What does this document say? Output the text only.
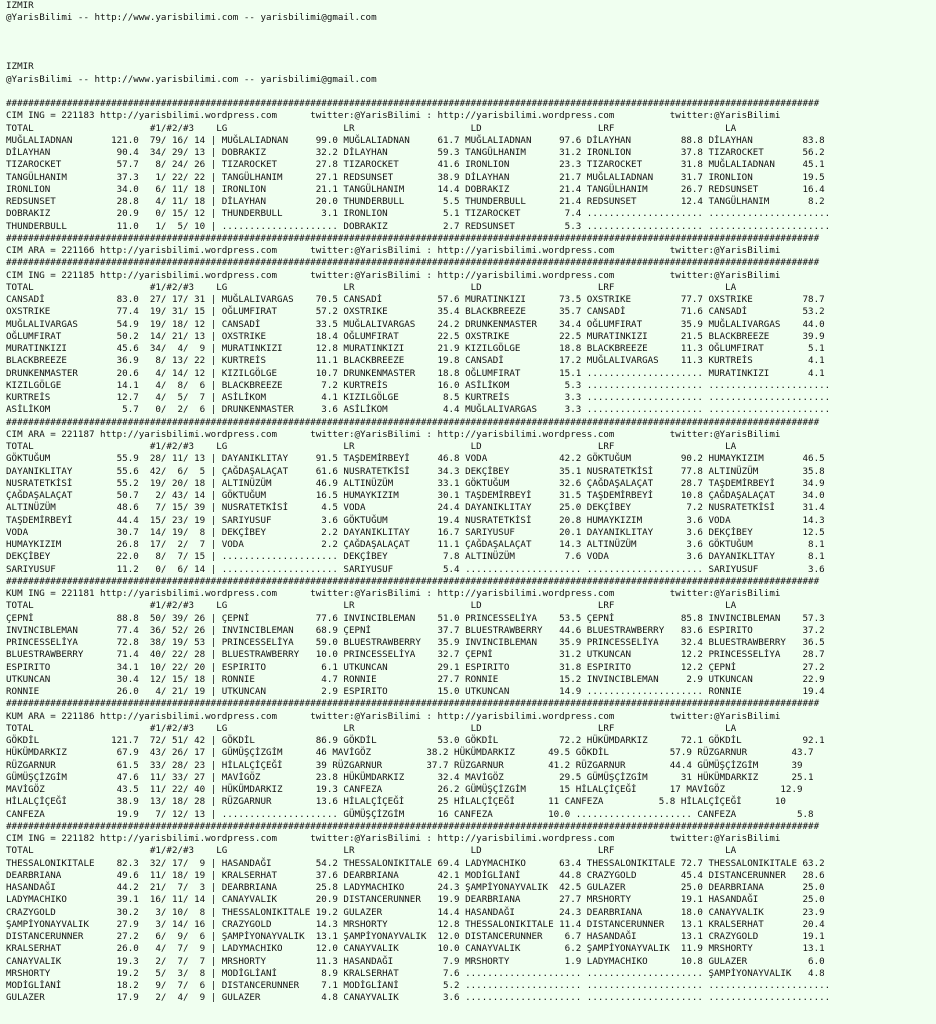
IZMIR
@YarisBilimi -- http://www.yarisbilimi.com -- yarisbilimi@gmail.com

IZMIR
@YarisBilimi -- http://www.yarisbilimi.com -- yarisbilimi@gmail.com

###################################################################################################################################################
CIM ING = 221183 http://yarisbilimi.wordpress.com      twitter:@YarisBilimi : http://yarisbilimi.wordpress.com          twitter:@YarisBilimi
TOTAL                     #1/#2/#3    LG                     LR                     LD                     LRF                    LA
MUĞLALIADNAN       121.0  79/ 16/ 14 | MUĞLALIADNAN     99.0 MUĞLALIADNAN     61.7 MUĞLALIADNAN     97.6 DİLAYHAN         88.8 DİLAYHAN         83.8
DİLAYHAN            90.4  34/ 29/ 13 | DOBRAKIZ         32.2 DİLAYHAN         59.3 TANGÜLHANIM      31.2 IRONLION         37.8 TIZAROCKET       56.2
TIZAROCKET          57.7   8/ 24/ 26 | TIZAROCKET       27.8 TIZAROCKET       41.6 IRONLION         23.3 TIZAROCKET       31.8 MUĞLALIADNAN     45.1
TANGÜLHANIM         37.3   1/ 22/ 22 | TANGÜLHANIM      27.1 REDSUNSET        38.9 DİLAYHAN         21.7 MUĞLALIADNAN     31.7 IRONLION         19.5
IRONLION            34.0   6/ 11/ 18 | IRONLION         21.1 TANGÜLHANIM      14.4 DOBRAKIZ         21.4 TANGÜLHANIM      26.7 REDSUNSET        16.4
REDSUNSET           28.8   4/ 11/ 18 | DİLAYHAN         20.0 THUNDERBULL       5.5 THUNDERBULL      21.4 REDSUNSET        12.4 TANGÜLHANIM       8.2
DOBRAKIZ            20.9   0/ 15/ 12 | THUNDERBULL       3.1 IRONLION          5.1 TIZAROCKET        7.4 ..................... ......................
THUNDERBULL         11.0   1/  5/ 10 | ..................... DOBRAKIZ          2.7 REDSUNSET         5.3 ..................... ......................
###################################################################################################################################################
CIM ARA = 221166 http://yarisbilimi.wordpress.com      twitter:@YarisBilimi : http://yarisbilimi.wordpress.com          twitter:@YarisBilimi
###################################################################################################################################################
CIM ING = 221185 http://yarisbilimi.wordpress.com      twitter:@YarisBilimi : http://yarisbilimi.wordpress.com          twitter:@YarisBilimi
TOTAL                     #1/#2/#3    LG                     LR                     LD                     LRF                    LA
CANSADİ             83.0  27/ 17/ 31 | MUĞLALIVARGAS    70.5 CANSADİ          57.6 MURATINKIZI      73.5 OXSTRIKE         77.7 OXSTRIKE         78.7
OXSTRIKE            77.4  19/ 31/ 15 | OĞLUMFIRAT       57.2 OXSTRIKE         35.4 BLACKBREEZE      35.7 CANSADİ          71.6 CANSADİ          53.2
MUĞLALIVARGAS       54.9  19/ 18/ 12 | CANSADİ          33.5 MUĞLALIVARGAS    24.2 DRUNKENMASTER    34.4 OĞLUMFIRAT       35.9 MUĞLALIVARGAS    44.0
OĞLUMFIRAT          50.2  14/ 21/ 13 | OXSTRIKE         18.4 OĞLUMFIRAT       22.5 OXSTRIKE         22.5 MURATINKIZI      21.5 BLACKBREEZE      39.9
MURATINKIZI         45.6  34/  4/  9 | MURATINKIZI      12.8 MURATINKIZI      21.9 KIZILGÖLGE       18.8 BLACKBREEZE      11.3 OĞLUMFIRAT        5.1
BLACKBREEZE         36.9   8/ 13/ 22 | KURTREİS         11.1 BLACKBREEZE      19.8 CANSADİ          17.2 MUĞLALIVARGAS    11.3 KURTREİS          4.1
DRUNKENMASTER       20.6   4/ 14/ 12 | KIZILGÖLGE       10.7 DRUNKENMASTER    18.8 OĞLUMFIRAT       15.1 ..................... MURATINKIZI       4.1
KIZILGÖLGE          14.1   4/  8/  6 | BLACKBREEZE       7.2 KURTREİS         16.0 ASİLİKOM          5.3 ..................... ......................
KURTREİS            12.7   4/  5/  7 | ASİLİKOM          4.1 KIZILGÖLGE        8.5 KURTREİS          3.3 ..................... ......................
ASİLİKOM             5.7   0/  2/  6 | DRUNKENMASTER     3.6 ASİLİKOM          4.4 MUĞLALIVARGAS     3.3 ..................... ......................
###################################################################################################################################################
CIM ARA = 221187 http://yarisbilimi.wordpress.com      twitter:@YarisBilimi : http://yarisbilimi.wordpress.com          twitter:@YarisBilimi
TOTAL                     #1/#2/#3    LG                     LR                     LD                     LRF                    LA
GÖKTUĞUM            55.9  28/ 11/ 13 | DAYANIKLITAY     91.5 TAŞDEMİRBEYİ     46.8 VODA             42.2 GÖKTUĞUM         90.2 HUMAYKIZIM       46.5
DAYANIKLITAY        55.6  42/  6/  5 | ÇAĞDAŞALAÇAT     61.6 NUSRATETKİSİ     34.3 DEKÇİBEY         35.1 NUSRATETKİSİ     77.8 ALTINÜZÜM        35.8
NUSRATETKİSİ        55.2  19/ 20/ 18 | ALTINÜZÜM        46.9 ALTINÜZÜM        33.1 GÖKTUĞUM         32.6 ÇAĞDAŞALAÇAT     28.7 TAŞDEMİRBEYİ     34.9
ÇAĞDAŞALAÇAT        50.7   2/ 43/ 14 | GÖKTUĞUM         16.5 HUMAYKIZIM       30.1 TAŞDEMİRBEYİ     31.5 TAŞDEMİRBEYİ     10.8 ÇAĞDAŞALAÇAT     34.0
ALTINÜZÜM           48.6   7/ 15/ 39 | NUSRATETKİSİ      4.5 VODA             24.4 DAYANIKLITAY     25.0 DEKÇİBEY          7.2 NUSRATETKİSİ     31.4
TAŞDEMİRBEYİ        44.4  15/ 23/ 19 | SARIYUSUF         3.6 GÖKTUĞUM         19.4 NUSRATETKİSİ     20.8 HUMAYKIZIM        3.6 VODA             14.3
VODA                30.7  14/ 19/  8 | DEKÇİBEY          2.2 DAYANIKLITAY     16.7 SARIYUSUF        20.1 DAYANIKLITAY      3.6 DEKÇİBEY         12.5
HUMAYKIZIM          26.8  17/  2/  7 | VODA              2.2 ÇAĞDAŞALAÇAT     11.1 ÇAĞDAŞALAÇAT     14.3 ALTINÜZÜM         3.6 GÖKTUĞUM          8.1
DEKÇİBEY            22.0   8/  7/ 15 | ..................... DEKÇİBEY          7.8 ALTINÜZÜM         7.6 VODA              3.6 DAYANIKLITAY      8.1
SARIYUSUF           11.2   0/  6/ 14 | ..................... SARIYUSUF         5.4 ..................... ..................... SARIYUSUF         3.6
###################################################################################################################################################
KUM ING = 221181 http://yarisbilimi.wordpress.com      twitter:@YarisBilimi : http://yarisbilimi.wordpress.com          twitter:@YarisBilimi
TOTAL                     #1/#2/#3    LG                     LR                     LD                     LRF                    LA
ÇEPNİ               88.8  50/ 39/ 26 | ÇEPNİ            77.6 INVINCIBLEMAN    51.0 PRINCESSELİYA    53.5 ÇEPNİ            85.8 INVINCIBLEMAN    57.3
INVINCIBLEMAN       77.4  36/ 52/ 26 | INVINCIBLEMAN    68.9 ÇEPNİ            37.7 BLUESTRAWBERRY   44.6 BLUESTRAWBERRY   83.6 ESPIRITO         37.2
PRINCESSELİYA       72.8  38/ 19/ 53 | PRINCESSELİYA    59.0 BLUESTRAWBERRY   35.9 INVINCIBLEMAN    35.9 PRINCESSELİYA    32.4 BLUESTRAWBERRY   36.5
BLUESTRAWBERRY      71.4  40/ 22/ 28 | BLUESTRAWBERRY   10.0 PRINCESSELİYA    32.7 ÇEPNİ            31.2 UTKUNCAN         12.2 PRINCESSELİYA    28.7
ESPIRITO            34.1  10/ 22/ 20 | ESPIRITO          6.1 UTKUNCAN         29.1 ESPIRITO         31.8 ESPIRITO         12.2 ÇEPNİ            27.2
UTKUNCAN            30.4  12/ 15/ 18 | RONNIE            4.7 RONNIE           27.7 RONNIE           15.2 INVINCIBLEMAN     2.9 UTKUNCAN         22.9
RONNIE              26.0   4/ 21/ 19 | UTKUNCAN          2.9 ESPIRITO         15.0 UTKUNCAN         14.9 ..................... RONNIE           19.4
###################################################################################################################################################
KUM ARA = 221186 http://yarisbilimi.wordpress.com      twitter:@YarisBilimi : http://yarisbilimi.wordpress.com          twitter:@YarisBilimi
TOTAL                     #1/#2/#3    LG                     LR                     LD                     LRF                    LA
GÖKDİL             121.7  72/ 51/ 42 | GÖKDİL           86.9 GÖKDİL           53.0 GÖKDİL           72.2 HÜKÜMDARKIZ      72.1 GÖKDİL           92.1
HÜKÜMDARKIZ         67.9  43/ 26/ 17 | GÜMÜŞÇİZGİM      46 MAVİGÖZ          38.2 HÜKÜMDARKIZ      49.5 GÖKDİL           57.9 RÜZGARNUR        43.7
RÜZGARNUR           61.5  33/ 28/ 23 | HİLALÇİÇEĞİ      39 RÜZGARNUR        37.7 RÜZGARNUR        41.2 RÜZGARNUR        44.4 GÜMÜŞÇİZGİM      39
GÜMÜŞÇİZGİM         47.6  11/ 33/ 27 | MAVİGÖZ          23.8 HÜKÜMDARKIZ      32.4 MAVİGÖZ          29.5 GÜMÜŞÇİZGİM      31 HÜKÜMDARKIZ      25.1
MAVİGÖZ             43.5  11/ 22/ 40 | HÜKÜMDARKIZ      19.3 CANFEZA          26.2 GÜMÜŞÇİZGİM      15 HİLALÇİÇEĞİ      17 MAVİGÖZ          12.9
HİLALÇİÇEĞİ         38.9  13/ 18/ 28 | RÜZGARNUR        13.6 HİLALÇİÇEĞİ      25 HİLALÇİÇEĞİ      11 CANFEZA          5.8 HİLALÇİÇEĞİ      10
CANFEZA             19.9   7/ 12/ 13 | ..................... GÜMÜŞÇİZGİM      16 CANFEZA          10.0 ..................... CANFEZA           5.8
###################################################################################################################################################
CIM ING = 221182 http://yarisbilimi.wordpress.com      twitter:@YarisBilimi : http://yarisbilimi.wordpress.com          twitter:@YarisBilimi
TOTAL                     #1/#2/#3    LG                     LR                     LD                     LRF                    LA
THESSALONIKITALE    82.3  32/ 17/  9 | HASANDAĞI        54.2 THESSALONIKITALE 69.4 LADYMACHIKO      63.4 THESSALONIKITALE 72.7 THESSALONIKITALE 63.2
DEARBRIANA          49.6  11/ 18/ 19 | KRALSERHAT       37.6 DEARBRIANA       42.1 MODİGLİANİ       44.8 CRAZYGOLD        45.4 DISTANCERUNNER   28.6
HASANDAĞI           44.2  21/  7/  3 | DEARBRIANA       25.8 LADYMACHIKO      24.3 ŞAMPİYONAYVALIK  42.5 GULAZER          25.0 DEARBRIANA       25.0
LADYMACHIKO         39.1  16/ 11/ 14 | CANAYVALIK       20.9 DISTANCERUNNER   19.9 DEARBRIANA       27.7 MRSHORTY         19.1 HASANDAĞI        25.0
CRAZYGOLD           30.2   3/ 10/  8 | THESSALONIKITALE 19.2 GULAZER          14.4 HASANDAĞI        24.3 DEARBRIANA       18.0 CANAYVALIK       23.9
ŞAMPİYONAYVALIK     27.9   3/ 14/ 16 | CRAZYGOLD        14.3 MRSHORTY         12.8 THESSALONIKITALE 11.4 DISTANCERUNNER   13.1 KRALSERHAT       20.4
DISTANCERUNNER      27.2   6/  9/  6 | ŞAMPİYONAYVALIK  13.1 ŞAMPİYONAYVALIK  12.0 DISTANCERUNNER    6.7 HASANDAĞI        13.1 CRAZYGOLD        19.1
KRALSERHAT          26.0   4/  7/  9 | LADYMACHIKO      12.0 CANAYVALIK       10.0 CANAYVALIK        6.2 ŞAMPİYONAYVALIK  11.9 MRSHORTY         13.1
CANAYVALIK          19.3   2/  7/  7 | MRSHORTY         11.3 HASANDAĞI         7.9 MRSHORTY          1.9 LADYMACHIKO      10.8 GULAZER           6.0
MRSHORTY            19.2   5/  3/  8 | MODİGLİANİ        8.9 KRALSERHAT        7.6 ..................... ..................... ŞAMPİYONAYVALIK   4.8
MODİGLİANİ          18.2   9/  7/  6 | DISTANCERUNNER    7.1 MODİGLİANİ        5.2 ..................... ..................... ......................
GULAZER             17.9   2/  4/  9 | GULAZER           4.8 CANAYVALIK        3.6 ..................... ..................... ......................
